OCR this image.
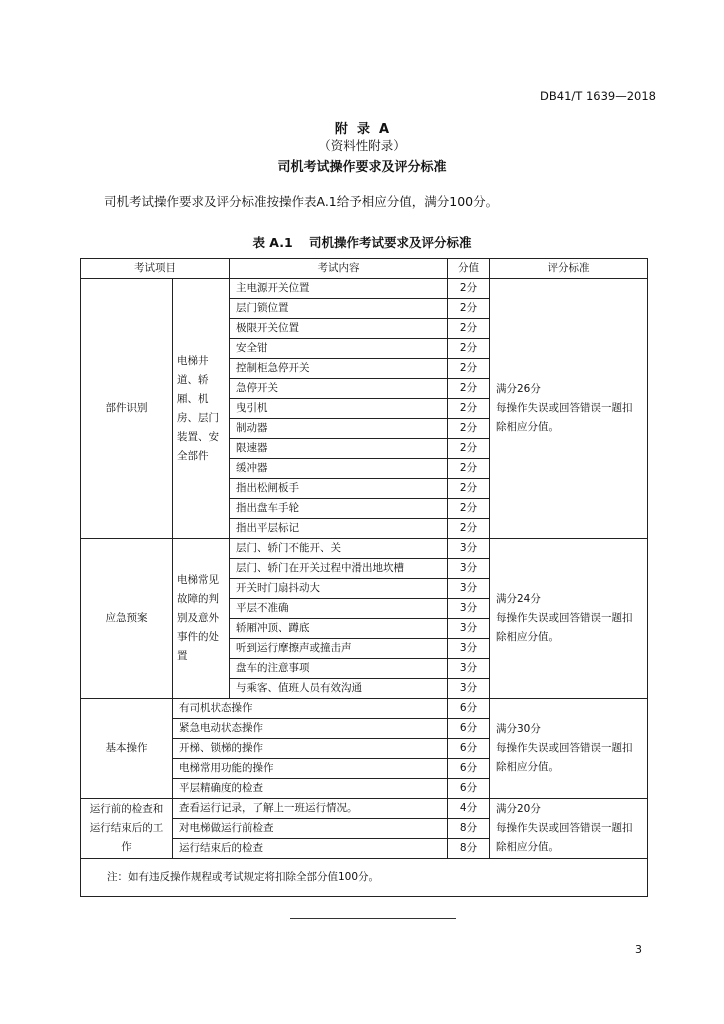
DB41/T 1639—2018
附  录  A
（资料性附录）
司机考试操作要求及评分标准
司机考试操作要求及评分标准按操作表A.1给予相应分值，满分100分。
表 A.1 司机操作考试要求及评分标准
考试项目		考试内容	分值	评分标准
部件识别	电梯井道、轿厢、机房、层门装置、安全部件	主电源开关位置	2分	满分26分
每操作失误或回答错误一题扣除相应分值。
		层门锁位置	2分	
		极限开关位置	2分	
		安全钳	2分	
		控制柜急停开关	2分	
		急停开关	2分	
		曳引机	2分	
		制动器	2分	
		限速器	2分	
		缓冲器	2分	
		指出松闸板手	2分	
		指出盘车手轮	2分	
		指出平层标记	2分	
应急预案	电梯常见故障的判别及意外事件的处置	层门、轿门不能开、关	3分	满分24分
每操作失误或回答错误一题扣除相应分值。
		层门、轿门在开关过程中滑出地坎槽	3分	
		开关时门扇抖动大	3分	
		平层不准确	3分	
		轿厢冲顶、蹲底	3分	
		听到运行摩擦声或撞击声	3分	
		盘车的注意事项	3分	
		与乘客、值班人员有效沟通	3分	
基本操作	有司机状态操作		6分	满分30分
每操作失误或回答错误一题扣除相应分值。
	紧急电动状态操作		6分	
	开梯、锁梯的操作		6分	
	电梯常用功能的操作		6分	
	平层精确度的检查		6分	
运行前的检查和运行结束后的工作	查看运行记录，了解上一班运行情况。		4分	满分20分
每操作失误或回答错误一题扣除相应分值。
	对电梯做运行前检查		8分	
	运行结束后的检查		8分	
注：如有违反操作规程或考试规定将扣除全部分值100分。				
3
